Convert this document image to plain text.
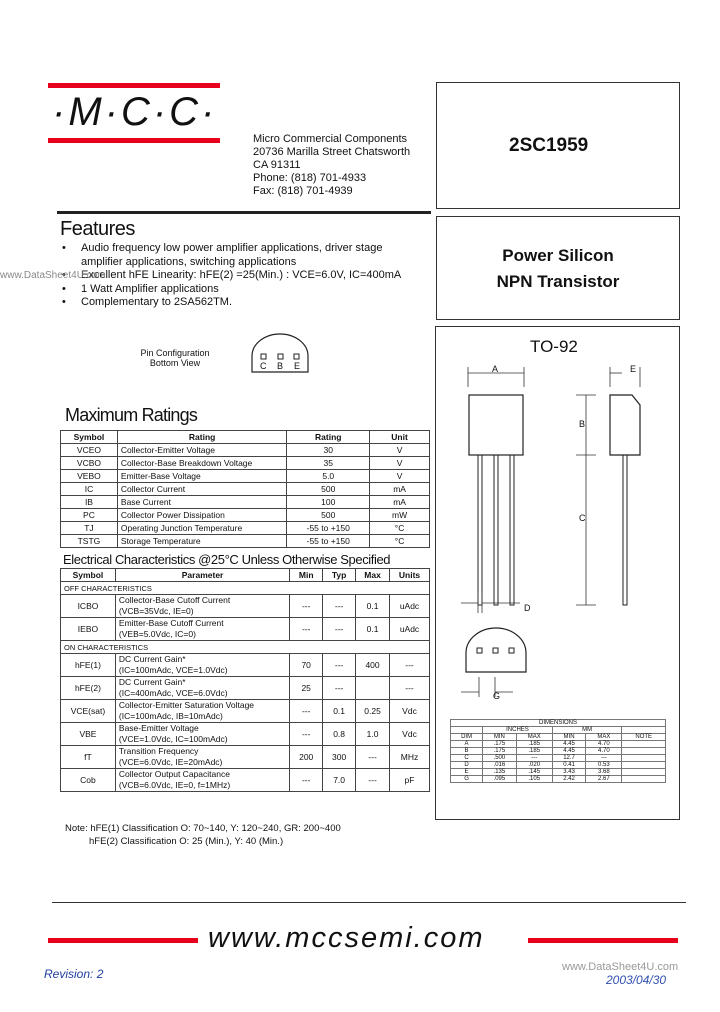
·M·C·C·
Micro Commercial Components
20736 Marilla Street Chatsworth
CA 91311
Phone: (818) 701-4933
Fax: (818) 701-4939
2SC1959
Power Silicon
NPN Transistor
Features
• Audio frequency low power amplifier applications, driver stage amplifier applications, switching applications
• Excellent hFE Linearity: hFE(2) =25(Min.) : VCE=6.0V, IC=400mA
• 1 Watt Amplifier applications
• Complementary to 2SA562TM.
www.DataSheet4U.com
Pin Configuration
Bottom View	C B E
Maximum Ratings
Symbol	Rating	Rating	Unit
VCEO	Collector-Emitter Voltage	30	V
VCBO	Collector-Base Breakdown Voltage	35	V
VEBO	Emitter-Base Voltage	5.0	V
IC	Collector Current	500	mA
IB	Base Current	100	mA
PC	Collector Power Dissipation	500	mW
TJ	Operating Junction Temperature	-55 to +150	°C
TSTG	Storage Temperature	-55 to +150	°C
Electrical Characteristics @25°C Unless Otherwise Specified
Symbol	Parameter	Min	Typ	Max	Units
OFF CHARACTERISTICS					
ICBO	Collector-Base Cutoff Current
(VCB=35Vdc, IE=0)	---	---	0.1	uAdc
IEBO	Emitter-Base Cutoff Current
(VEB=5.0Vdc, IC=0)	---	---	0.1	uAdc
ON CHARACTERISTICS					
hFE(1)	DC Current Gain*
(IC=100mAdc, VCE=1.0Vdc)	70	---	400	---
hFE(2)	DC Current Gain*
(IC=400mAdc, VCE=6.0Vdc)	25	---		---
VCE(sat)	Collector-Emitter Saturation Voltage
(IC=100mAdc, IB=10mAdc)	---	0.1	0.25	Vdc
VBE	Base-Emitter Voltage
(VCE=1.0Vdc, IC=100mAdc)	---	0.8	1.0	Vdc
fT	Transition Frequency
(VCE=6.0Vdc, IE=20mAdc)	200	300	---	MHz
Cob	Collector Output Capacitance
(VCB=6.0Vdc, IE=0, f=1MHz)	---	7.0	---	pF
Note: hFE(1) Classification O: 70~140, Y: 120~240, GR: 200~400
hFE(2) Classification O: 25 (Min.), Y: 40 (Min.)
TO-92
A
B
C
D
E
G
DIMENSIONS					
	INCHES		MM		
DIM	MIN	MAX	MIN	MAX	NOTE
A	.175	.185	4.45	4.70	
B	.175	.185	4.45	4.70	
C	.500	---	12.7	---	
D	.016	.020	0.41	0.53	
E	.135	.145	3.43	3.68	
G	.095	.105	2.42	2.67	
www.mccsemi.com
Revision: 2	www.DataSheet4U.com
2003/04/30
